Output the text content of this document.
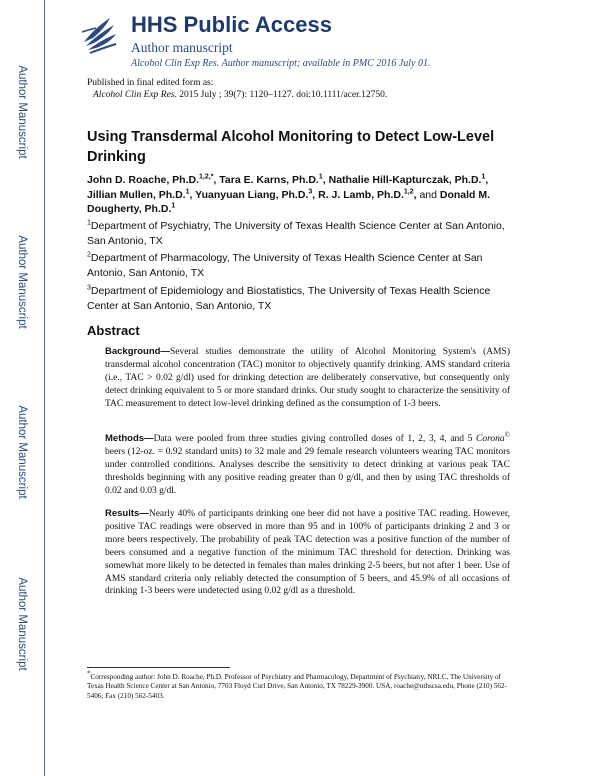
Author Manuscript
Author Manuscript
Author Manuscript
Author Manuscript
HHS Public Access
Author manuscript
Alcohol Clin Exp Res. Author manuscript; available in PMC 2016 July 01.
Published in final edited form as:
Alcohol Clin Exp Res. 2015 July ; 39(7): 1120–1127. doi:10.1111/acer.12750.
Using Transdermal Alcohol Monitoring to Detect Low-Level Drinking
John D. Roache, Ph.D.$^{1,2,*}$, Tara E. Karns, Ph.D.$^1$, Nathalie Hill-Kapturczak, Ph.D.$^1$, Jillian Mullen, Ph.D.$^1$, Yuanyuan Liang, Ph.D.$^3$, R. J. Lamb, Ph.D.$^{1,2}$, and Donald M. Dougherty, Ph.D.$^1$
$^1$Department of Psychiatry, The University of Texas Health Science Center at San Antonio, San Antonio, TX
$^2$Department of Pharmacology, The University of Texas Health Science Center at San Antonio, San Antonio, TX
$^3$Department of Epidemiology and Biostatistics, The University of Texas Health Science Center at San Antonio, San Antonio, TX
Abstract
Background—Several studies demonstrate the utility of Alcohol Monitoring System's (AMS) transdermal alcohol concentration (TAC) monitor to objectively quantify drinking. AMS standard criteria (i.e., TAC > 0.02 g/dl) used for drinking detection are deliberately conservative, but consequently only detect drinking equivalent to 5 or more standard drinks. Our study sought to characterize the sensitivity of TAC measurement to detect low-level drinking defined as the consumption of 1-3 beers.
Methods—Data were pooled from three studies giving controlled doses of 1, 2, 3, 4, and 5 Corona© beers (12-oz. = 0.92 standard units) to 32 male and 29 female research volunteers wearing TAC monitors under controlled conditions. Analyses describe the sensitivity to detect drinking at various peak TAC thresholds beginning with any positive reading greater than 0 g/dl, and then by using TAC thresholds of 0.02 and 0.03 g/dl.
Results—Nearly 40% of participants drinking one beer did not have a positive TAC reading. However, positive TAC readings were observed in more than 95 and in 100% of participants drinking 2 and 3 or more beers respectively. The probability of peak TAC detection was a positive function of the number of beers consumed and a negative function of the minimum TAC threshold for detection. Drinking was somewhat more likely to be detected in females than males drinking 2-5 beers, but not after 1 beer. Use of AMS standard criteria only reliably detected the consumption of 5 beers, and 45.9% of all occasions of drinking 1-3 beers were undetected using 0.02 g/dl as a threshold.
*Corresponding author: John D. Roache, Ph.D. Professor of Psychiatry and Pharmacology, Department of Psychiatry, NRLC, The University of Texas Health Science Center at San Antonio, 7703 Floyd Curl Drive, San Antonio, TX 78229-3900. USA, roache@uthscsa.edu, Phone (210) 562-5406; Fax (210) 562-5403.
